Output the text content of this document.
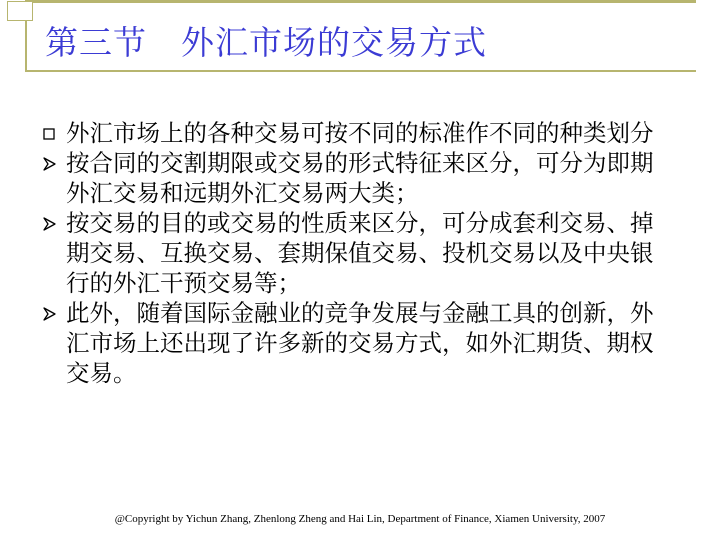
第三节　外汇市场的交易方式
外汇市场上的各种交易可按不同的标准作不同的种类划分
按合同的交割期限或交易的形式特征来区分，可分为即期外汇交易和远期外汇交易两大类；
按交易的目的或交易的性质来区分，可分成套利交易、掉期交易、互换交易、套期保值交易、投机交易以及中央银行的外汇干预交易等；
此外，随着国际金融业的竞争发展与金融工具的创新，外汇市场上还出现了许多新的交易方式，如外汇期货、期权交易。
@Copyright by Yichun Zhang, Zhenlong Zheng and Hai Lin, Department of Finance, Xiamen University, 2007
